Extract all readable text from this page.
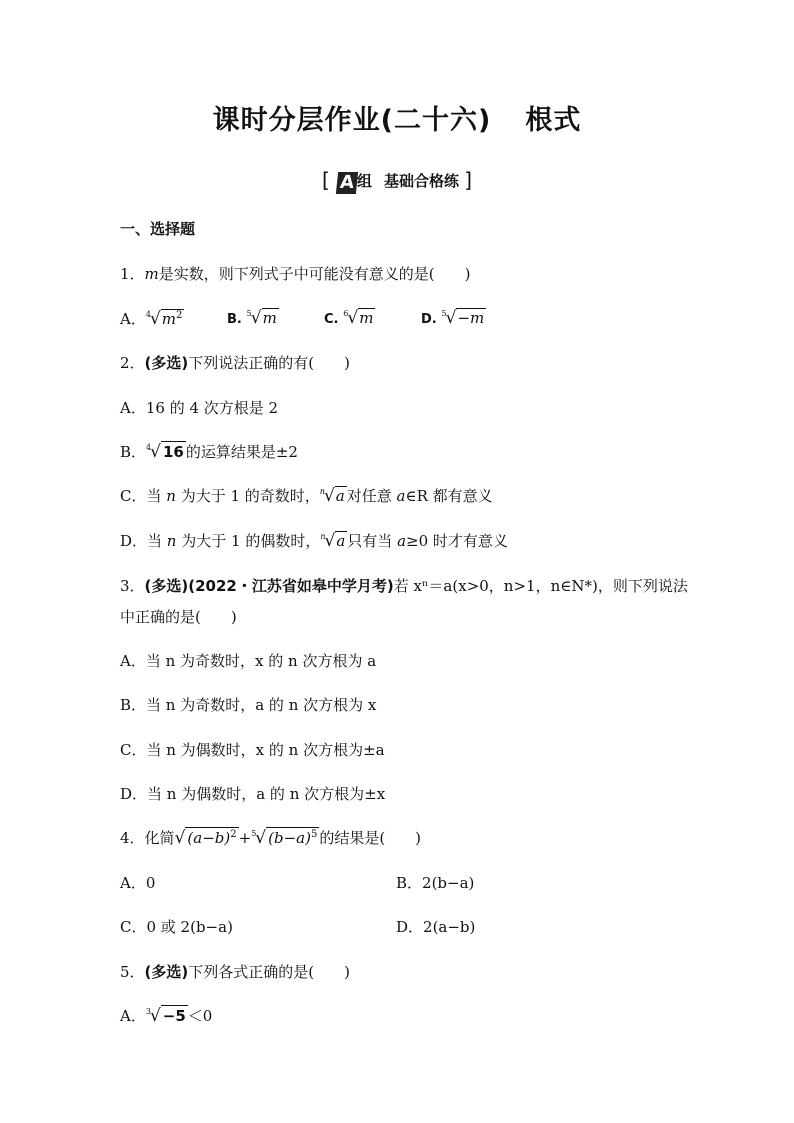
课时分层作业(二十六) 根式
[ A 组 基础合格练 ]
一、选择题
1．m是实数，则下列式子中可能没有意义的是(　　)
A．$^4√m^2$	B. $^5$√m	C. $^6$√m	D. $^5$√−m
2．(多选)下列说法正确的有(　　)
A．16 的 4 次方根是 2
B．$^4$√ 16 的运算结果是±2
C．当 n 为大于 1 的奇数时，$^n$√a 对任意 a∈R 都有意义
D．当 n 为大于 1 的偶数时，$^n$√a 只有当 a≥0 时才有意义
3．(多选)(2022・江苏省如皋中学月考)若 xⁿ＝a(x>0，n>1，n∈N*)，则下列说法
中正确的是(　　)
A．当 n 为奇数时，x 的 n 次方根为 a
B．当 n 为奇数时，a 的 n 次方根为 x
C．当 n 为偶数时，x 的 n 次方根为±a
D．当 n 为偶数时，a 的 n 次方根为±x
4．化简√ $(a-b)^2 +^5√$ $(b-a)^5$ 的结果是(　　)
A．0	B．2(b−a)
C．0 或 2(b−a)	D．2(a−b)
5．(多选)下列各式正确的是(　　)
A．$^3$√ −5 ＜0
